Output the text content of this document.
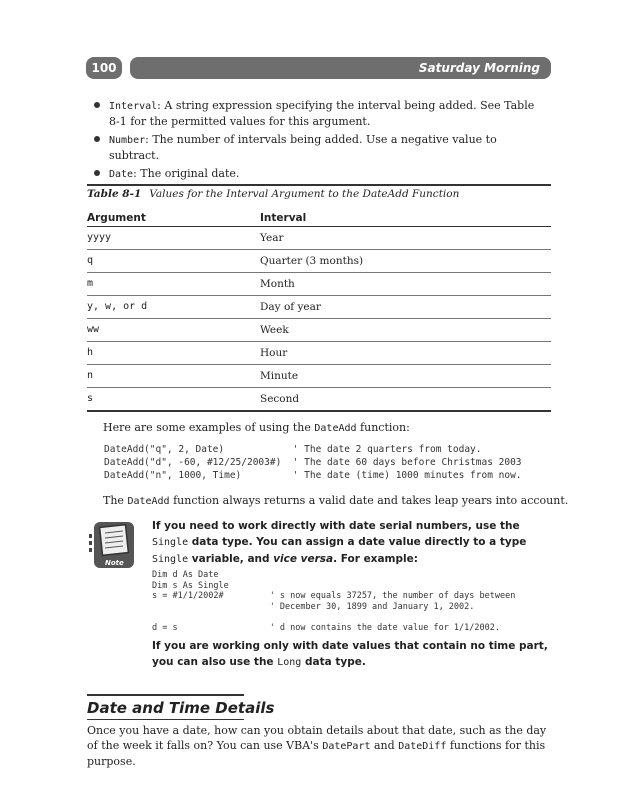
100	Saturday Morning
Interval: A string expression specifying the interval being added. See Table 8-1 for the permitted values for this argument.
Number: The number of intervals being added. Use a negative value to subtract.
Date: The original date.
Table 8-1 Values for the Interval Argument to the DateAdd Function
Argument	Interval
yyyy	Year
q	Quarter (3 months)
m	Month
y, w, or d	Day of year
ww	Week
h	Hour
n	Minute
s	Second
Here are some examples of using the DateAdd function:
DateAdd("q", 2, Date)            ' The date 2 quarters from today.
DateAdd("d", -60, #12/25/2003#)  ' The date 60 days before Christmas 2003
DateAdd("n", 1000, Time)         ' The date (time) 1000 minutes from now.
The DateAdd function always returns a valid date and takes leap years into account.
Note
If you need to work directly with date serial numbers, use the Single data type. You can assign a date value directly to a type Single variable, and vice versa. For example:
Dim d As Date
Dim s As Single
s = #1/1/2002#         ' s now equals 37257, the number of days between
' December 30, 1899 and January 1, 2002.

d = s                  ' d now contains the date value for 1/1/2002.
If you are working only with date values that contain no time part, you can also use the Long data type.
Date and Time Details
Once you have a date, how can you obtain details about that date, such as the day of the week it falls on? You can use VBA's DatePart and DateDiff functions for this purpose.
